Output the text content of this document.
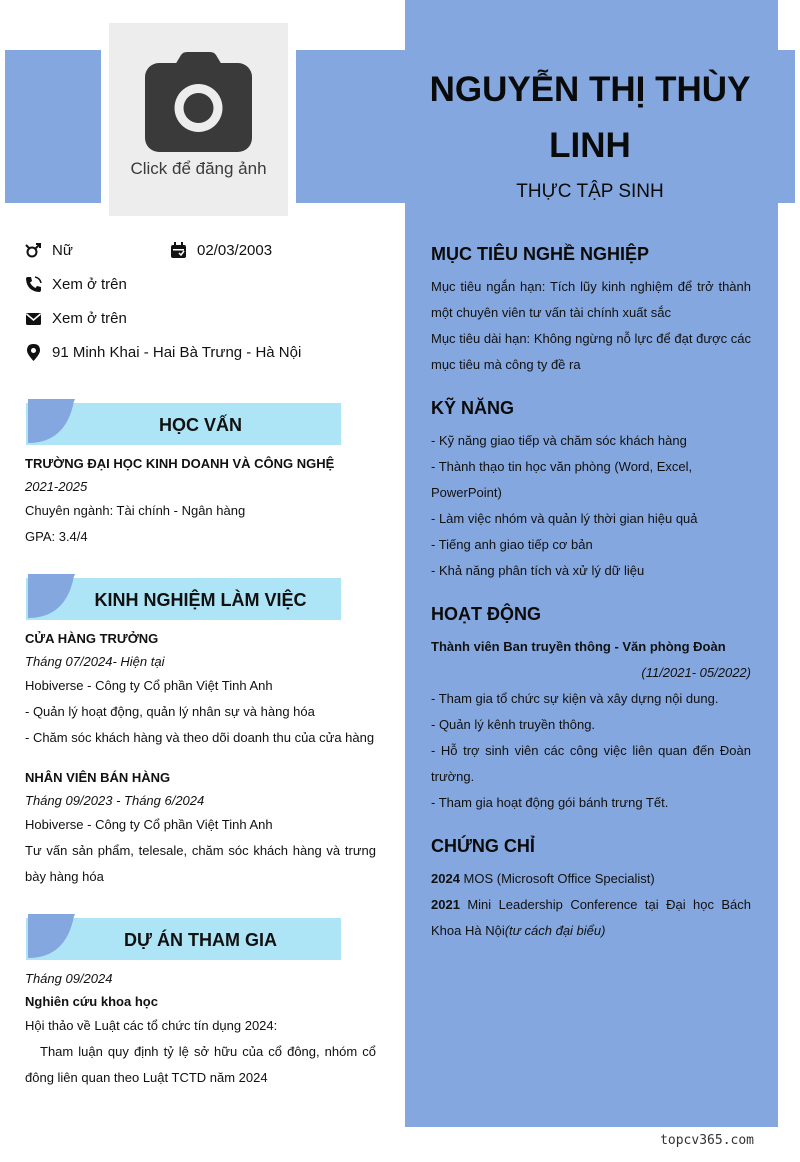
Click để đăng ảnh
NGUYỄN THỊ THÙY
LINH
THỰC TẬP SINH
Nữ	02/03/2003
Xem ở trên
Xem ở trên
91 Minh Khai - Hai Bà Trưng - Hà Nội
HỌC VẤN
TRƯỜNG ĐẠI HỌC KINH DOANH VÀ CÔNG NGHỆ
2021-2025
Chuyên ngành: Tài chính - Ngân hàng
GPA: 3.4/4
KINH NGHIỆM LÀM VIỆC
CỬA HÀNG TRƯỞNG
Tháng 07/2024- Hiện tại
Hobiverse - Công ty Cổ phần Việt Tinh Anh
- Quản lý hoạt động, quản lý nhân sự và hàng hóa
- Chăm sóc khách hàng và theo dõi doanh thu của cửa hàng
NHÂN VIÊN BÁN HÀNG
Tháng 09/2023 - Tháng 6/2024
Hobiverse - Công ty Cổ phần Việt Tinh Anh
Tư vấn sản phẩm, telesale, chăm sóc khách hàng và trưng bày hàng hóa
DỰ ÁN THAM GIA
Tháng 09/2024
Nghiên cứu khoa học
Hội thảo về Luật các tổ chức tín dụng 2024:
Tham luận quy định tỷ lệ sở hữu của cổ đông, nhóm cổ đông liên quan theo Luật TCTD năm 2024
MỤC TIÊU NGHỀ NGHIỆP
Mục tiêu ngắn hạn: Tích lũy kinh nghiệm để trở thành một chuyên viên tư vấn tài chính xuất sắc
Mục tiêu dài hạn: Không ngừng nỗ lực để đạt được các mục tiêu mà công ty đề ra
KỸ NĂNG
- Kỹ năng giao tiếp và chăm sóc khách hàng
- Thành thạo tin học văn phòng (Word, Excel, PowerPoint)
- Làm việc nhóm và quản lý thời gian hiệu quả
- Tiếng anh giao tiếp cơ bản
- Khả năng phân tích và xử lý dữ liệu
HOẠT ĐỘNG
Thành viên Ban truyền thông - Văn phòng Đoàn
(11/2021- 05/2022)
- Tham gia tổ chức sự kiện và xây dựng nội dung.
- Quản lý kênh truyền thông.
- Hỗ trợ sinh viên các công việc liên quan đến Đoàn trường.
- Tham gia hoạt động gói bánh trưng Tết.
CHỨNG CHỈ
2024 MOS (Microsoft Office Specialist)
2021 Mini Leadership Conference tại Đại học Bách Khoa Hà Nội(tư cách đại biểu)
topcv365.com
